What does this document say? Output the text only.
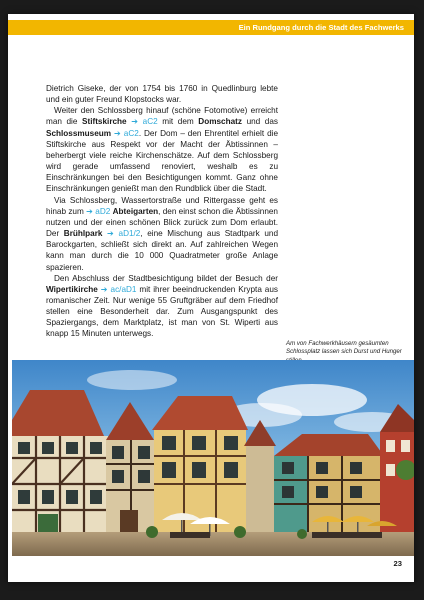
Ein Rundgang durch die Stadt des Fachwerks

Dietrich Giseke, der von 1754 bis 1760 in Quedlinburg lebte und ein guter Freund Klopstocks war.

Weiter den Schlossberg hinauf (schöne Fotomotive) erreicht man die Stiftskirche ➔ aC2 mit dem Domschatz und das Schlossmuseum ➔ aC2. Der Dom – den Ehrentitel erhielt die Stiftskirche aus Respekt vor der Macht der Äbtissinnen – beherbergt viele reiche Kirchenschätze. Auf dem Schlossberg wird gerade umfassend renoviert, weshalb es zu Einschränkungen bei den Besichtigungen kommt. Ganz ohne Einschränkungen genießt man den Rundblick über die Stadt.

Via Schlossberg, Wassertorstraße und Rittergasse geht es hinab zum ➔ aD2 Abteigarten, den einst schon die Äbtissinnen nutzen und der einen schönen Blick zurück zum Dom erlaubt. Der Brühlpark ➔ aD1/2, eine Mischung aus Stadtpark und Barockgarten, schließt sich direkt an. Auf zahlreichen Wegen kann man durch die 10 000 Quadratmeter große Anlage spazieren.

Den Abschluss der Stadtbesichtigung bildet der Besuch der Wipertikirche ➔ ac/aD1 mit ihrer beeindruckenden Krypta aus romanischer Zeit. Nur wenige 55 Gruftgräber auf dem Friedhof stellen eine Besonderheit dar. Zum Ausgangspunkt des Spaziergangs, dem Marktplatz, ist man von St. Wiperti aus knapp 15 Minuten unterwegs.

Am von Fachwerkhäusern gesäumten Schlossplatz lassen sich Durst und Hunger
23
